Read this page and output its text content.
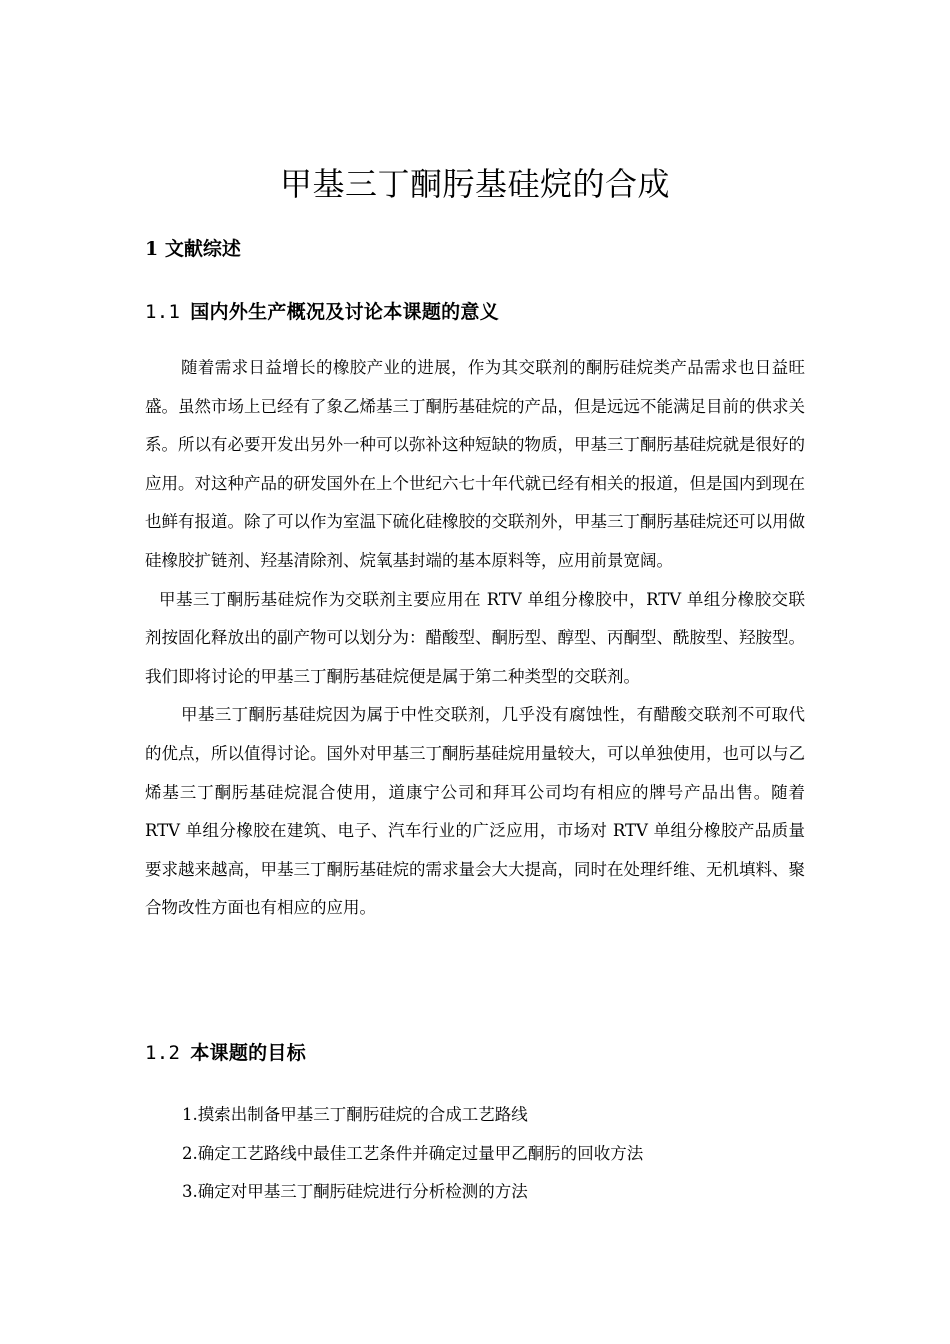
甲基三丁酮肟基硅烷的合成
1 文献综述
1.1 国内外生产概况及讨论本课题的意义

随着需求日益增长的橡胶产业的进展，作为其交联剂的酮肟硅烷类产品需求也日益旺盛。虽然市场上已经有了象乙烯基三丁酮肟基硅烷的产品，但是远远不能满足目前的供求关系。所以有必要开发出另外一种可以弥补这种短缺的物质，甲基三丁酮肟基硅烷就是很好的应用。对这种产品的研发国外在上个世纪六七十年代就已经有相关的报道，但是国内到现在也鲜有报道。除了可以作为室温下硫化硅橡胶的交联剂外，甲基三丁酮肟基硅烷还可以用做硅橡胶扩链剂、羟基清除剂、烷氧基封端的基本原料等，应用前景宽阔。

甲基三丁酮肟基硅烷作为交联剂主要应用在 RTV 单组分橡胶中，RTV 单组分橡胶交联剂按固化释放出的副产物可以划分为：醋酸型、酮肟型、醇型、丙酮型、酰胺型、羟胺型。我们即将讨论的甲基三丁酮肟基硅烷便是属于第二种类型的交联剂。

甲基三丁酮肟基硅烷因为属于中性交联剂，几乎没有腐蚀性，有醋酸交联剂不可取代的优点，所以值得讨论。国外对甲基三丁酮肟基硅烷用量较大，可以单独使用，也可以与乙烯基三丁酮肟基硅烷混合使用，道康宁公司和拜耳公司均有相应的牌号产品出售。随着 RTV 单组分橡胶在建筑、电子、汽车行业的广泛应用，市场对 RTV 单组分橡胶产品质量要求越来越高，甲基三丁酮肟基硅烷的需求量会大大提高，同时在处理纤维、无机填料、聚合物改性方面也有相应的应用。

1.2 本课题的目标
1.摸索出制备甲基三丁酮肟硅烷的合成工艺路线
2.确定工艺路线中最佳工艺条件并确定过量甲乙酮肟的回收方法
3.确定对甲基三丁酮肟硅烷进行分析检测的方法
